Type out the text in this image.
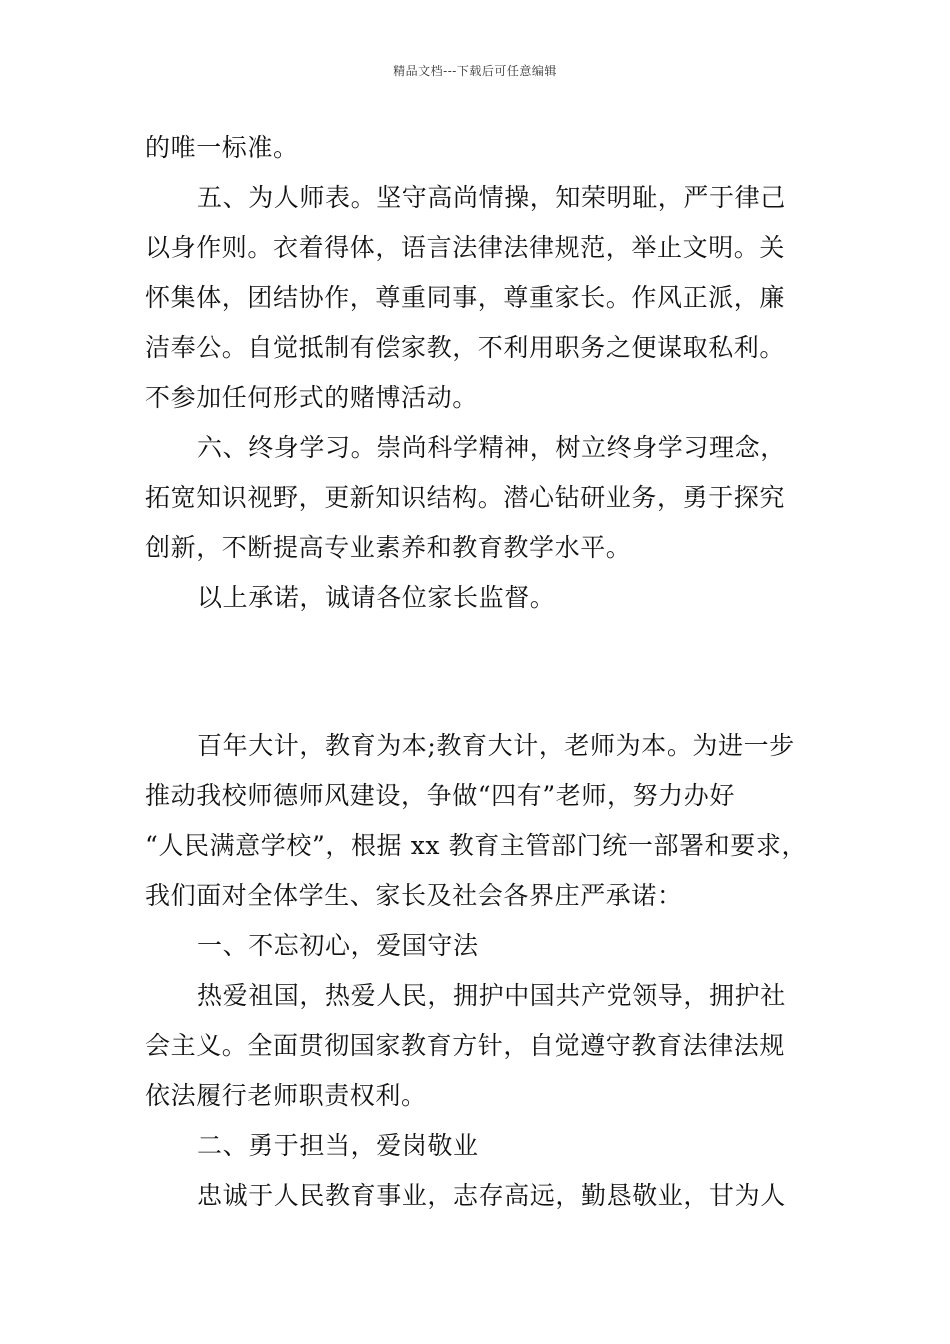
精品文档---下载后可任意编辑
的唯一标准。
五、为人师表。坚守高尚情操，知荣明耻，严于律己
以身作则。衣着得体，语言法律法律规范，举止文明。关
怀集体，团结协作，尊重同事，尊重家长。作风正派，廉
洁奉公。自觉抵制有偿家教，不利用职务之便谋取私利。
不参加任何形式的赌博活动。
六、终身学习。崇尚科学精神，树立终身学习理念，
拓宽知识视野，更新知识结构。潜心钻研业务，勇于探究
创新，不断提高专业素养和教育教学水平。
以上承诺，诚请各位家长监督。
百年大计，教育为本;教育大计，老师为本。为进一步
推动我校师德师风建设，争做“四有”老师，努力办好
“人民满意学校”，根据 xx 教育主管部门统一部署和要求，
我们面对全体学生、家长及社会各界庄严承诺：
一、不忘初心，爱国守法
热爱祖国，热爱人民，拥护中国共产党领导，拥护社
会主义。全面贯彻国家教育方针，自觉遵守教育法律法规
依法履行老师职责权利。
二、勇于担当，爱岗敬业
忠诚于人民教育事业，志存高远，勤恳敬业，甘为人
